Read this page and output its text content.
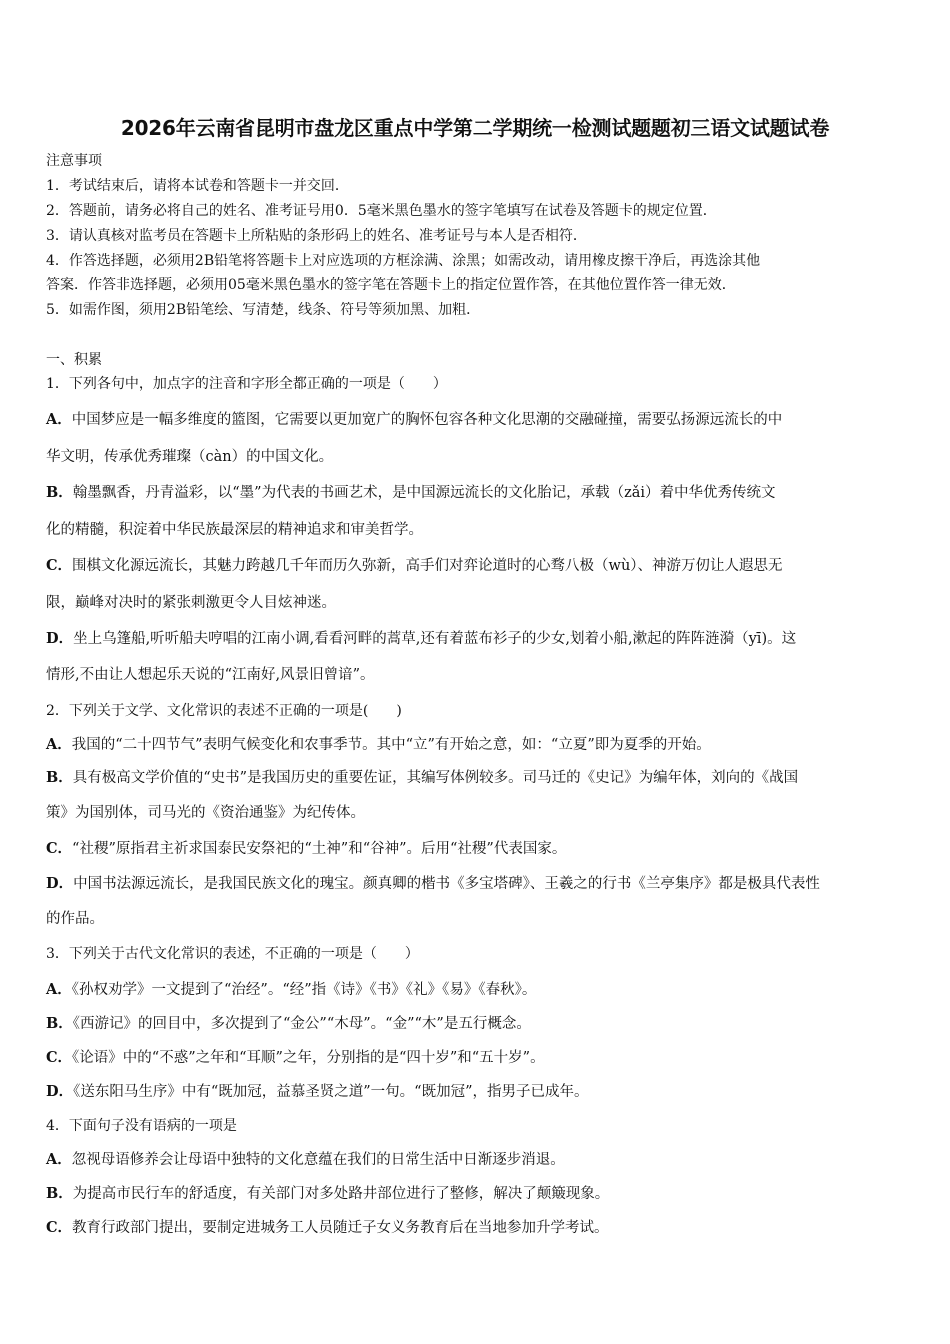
2026年云南省昆明市盘龙区重点中学第二学期统一检测试题题初三语文试题试卷
注意事项
1．考试结束后，请将本试卷和答题卡一并交回．
2．答题前，请务必将自己的姓名、准考证号用0．5毫米黑色墨水的签字笔填写在试卷及答题卡的规定位置．
3．请认真核对监考员在答题卡上所粘贴的条形码上的姓名、准考证号与本人是否相符．
4．作答选择题，必须用2B铅笔将答题卡上对应选项的方框涂满、涂黑；如需改动，请用橡皮擦干净后，再选涂其他
答案．作答非选择题，必须用05毫米黑色墨水的签字笔在答题卡上的指定位置作答，在其他位置作答一律无效．
5．如需作图，须用2B铅笔绘、写清楚，线条、符号等须加黑、加粗．
一、积累
1．下列各句中，加点字的注音和字形全都正确的一项是（　　）
A．中国梦应是一幅多维度的篮图，它需要以更加宽广的胸怀包容各种文化思潮的交融碰撞，需要弘扬源远流长的中
华文明，传承优秀璀璨（càn）的中国文化。
B．翰墨飘香，丹青溢彩，以“墨”为代表的书画艺术，是中国源远流长的文化胎记，承载（zǎi）着中华优秀传统文
化的精髓，积淀着中华民族最深层的精神追求和审美哲学。
C．围棋文化源远流长，其魅力跨越几千年而历久弥新，高手们对弈论道时的心骛八极（wù）、神游万仞让人遐思无
限，巅峰对决时的紧张刺激更令人目炫神迷。
D．坐上乌篷船,听听船夫哼唱的江南小调,看看河畔的蒿草,还有着蓝布衫子的少女,划着小船,漱起的阵阵涟漪（yī)。这
情形,不由让人想起乐天说的“江南好,风景旧曾谙”。
2．下列关于文学、文化常识的表述不正确的一项是(　　)
A．我国的“二十四节气”表明气候变化和农事季节。其中“立”有开始之意，如：“立夏”即为夏季的开始。
B．具有极高文学价值的“史书”是我国历史的重要佐证，其编写体例较多。司马迁的《史记》为编年体，刘向的《战国
策》为国别体，司马光的《资治通鉴》为纪传体。
C．“社稷”原指君主祈求国泰民安祭祀的“土神”和“谷神”。后用“社稷”代表国家。
D．中国书法源远流长，是我国民族文化的瑰宝。颜真卿的楷书《多宝塔碑》、王羲之的行书《兰亭集序》都是极具代表性
的作品。
3．下列关于古代文化常识的表述，不正确的一项是（　　）
A．《孙权劝学》一文提到了“治经”。“经”指《诗》《书》《礼》《易》《春秋》。
B．《西游记》的回目中，多次提到了“金公”“木母”。“金”“木”是五行概念。
C．《论语》中的“不惑”之年和“耳顺”之年，分别指的是“四十岁”和“五十岁”。
D．《送东阳马生序》中有“既加冠，益慕圣贤之道”一句。“既加冠”，指男子已成年。
4．下面句子没有语病的一项是
A．忽视母语修养会让母语中独特的文化意蕴在我们的日常生活中日渐逐步消退。
B．为提高市民行车的舒适度，有关部门对多处路井部位进行了整修，解决了颠簸现象。
C．教育行政部门提出，要制定进城务工人员随迁子女义务教育后在当地参加升学考试。
